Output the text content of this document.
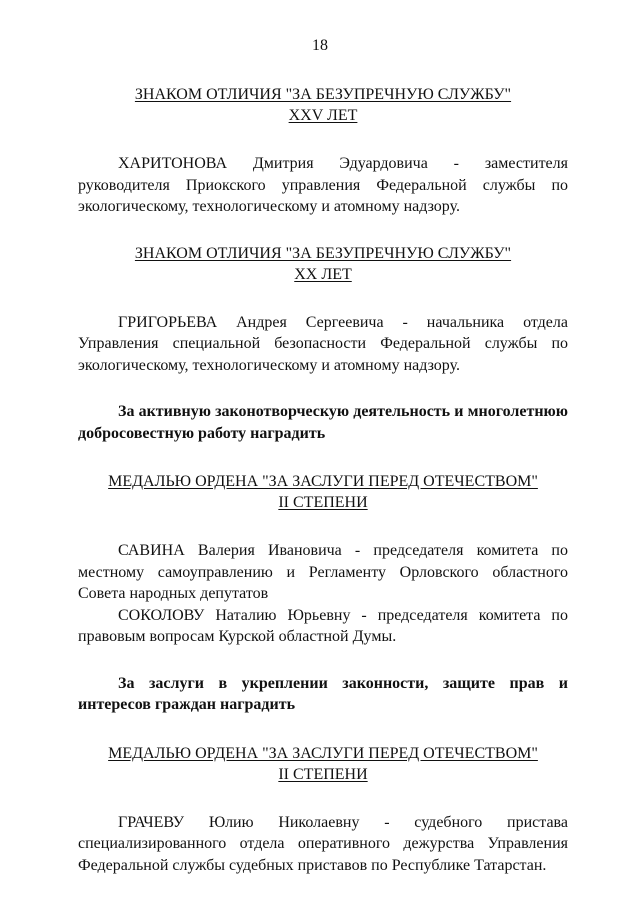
18
ЗНАКОМ ОТЛИЧИЯ "ЗА БЕЗУПРЕЧНУЮ СЛУЖБУ"
XXV ЛЕТ

ХАРИТОНОВА Дмитрия Эдуардовича - заместителя руководителя Приокского управления Федеральной службы по экологическому, технологическому и атомному надзору.

ЗНАКОМ ОТЛИЧИЯ "ЗА БЕЗУПРЕЧНУЮ СЛУЖБУ"
XX ЛЕТ

ГРИГОРЬЕВА Андрея Сергеевича - начальника отдела Управления специальной безопасности Федеральной службы по экологическому, технологическому и атомному надзору.

За активную законотворческую деятельность и многолетнюю добросовестную работу наградить

МЕДАЛЬЮ ОРДЕНА "ЗА ЗАСЛУГИ ПЕРЕД ОТЕЧЕСТВОМ"
II СТЕПЕНИ

САВИНА Валерия Ивановича - председателя комитета по местному самоуправлению и Регламенту Орловского областного Совета народных депутатов

СОКОЛОВУ Наталию Юрьевну - председателя комитета по правовым вопросам Курской областной Думы.

За заслуги в укреплении законности, защите прав и интересов граждан наградить

МЕДАЛЬЮ ОРДЕНА "ЗА ЗАСЛУГИ ПЕРЕД ОТЕЧЕСТВОМ"
II СТЕПЕНИ

ГРАЧЕВУ Юлию Николаевну - судебного пристава специализированного отдела оперативного дежурства Управления Федеральной службы судебных приставов по Республике Татарстан.
